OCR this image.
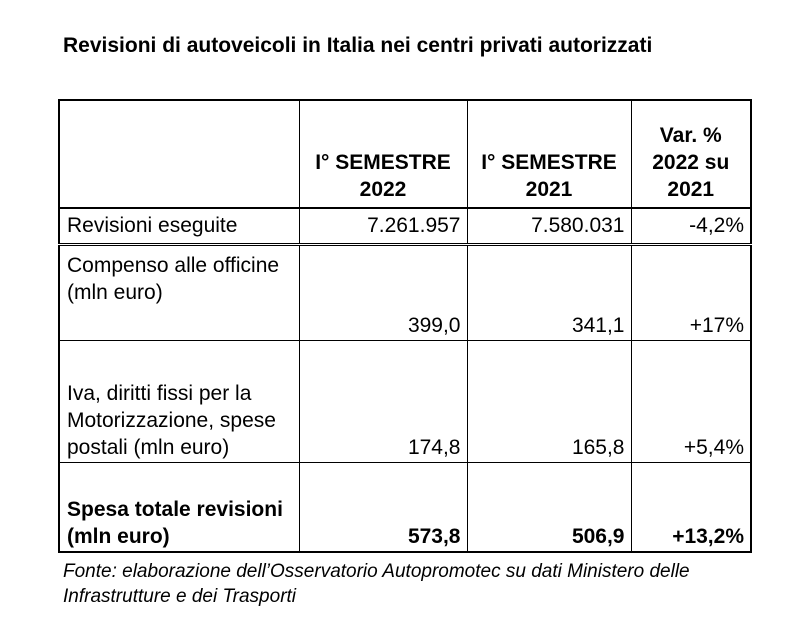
Revisioni di autoveicoli in Italia nei centri privati autorizzati
	I° SEMESTRE 2022	I° SEMESTRE 2021	Var. % 2022 su 2021
Revisioni eseguite	7.261.957	7.580.031	-4,2%
Compenso alle officine (mln euro)	399,0	341,1	+17%
Iva, diritti fissi per la Motorizzazione, spese postali (mln euro)	174,8	165,8	+5,4%
Spesa totale revisioni (mln euro)	573,8	506,9	+13,2%

Fonte: elaborazione dell’Osservatorio Autopromotec su dati Ministero delle Infrastrutture e dei Trasporti
